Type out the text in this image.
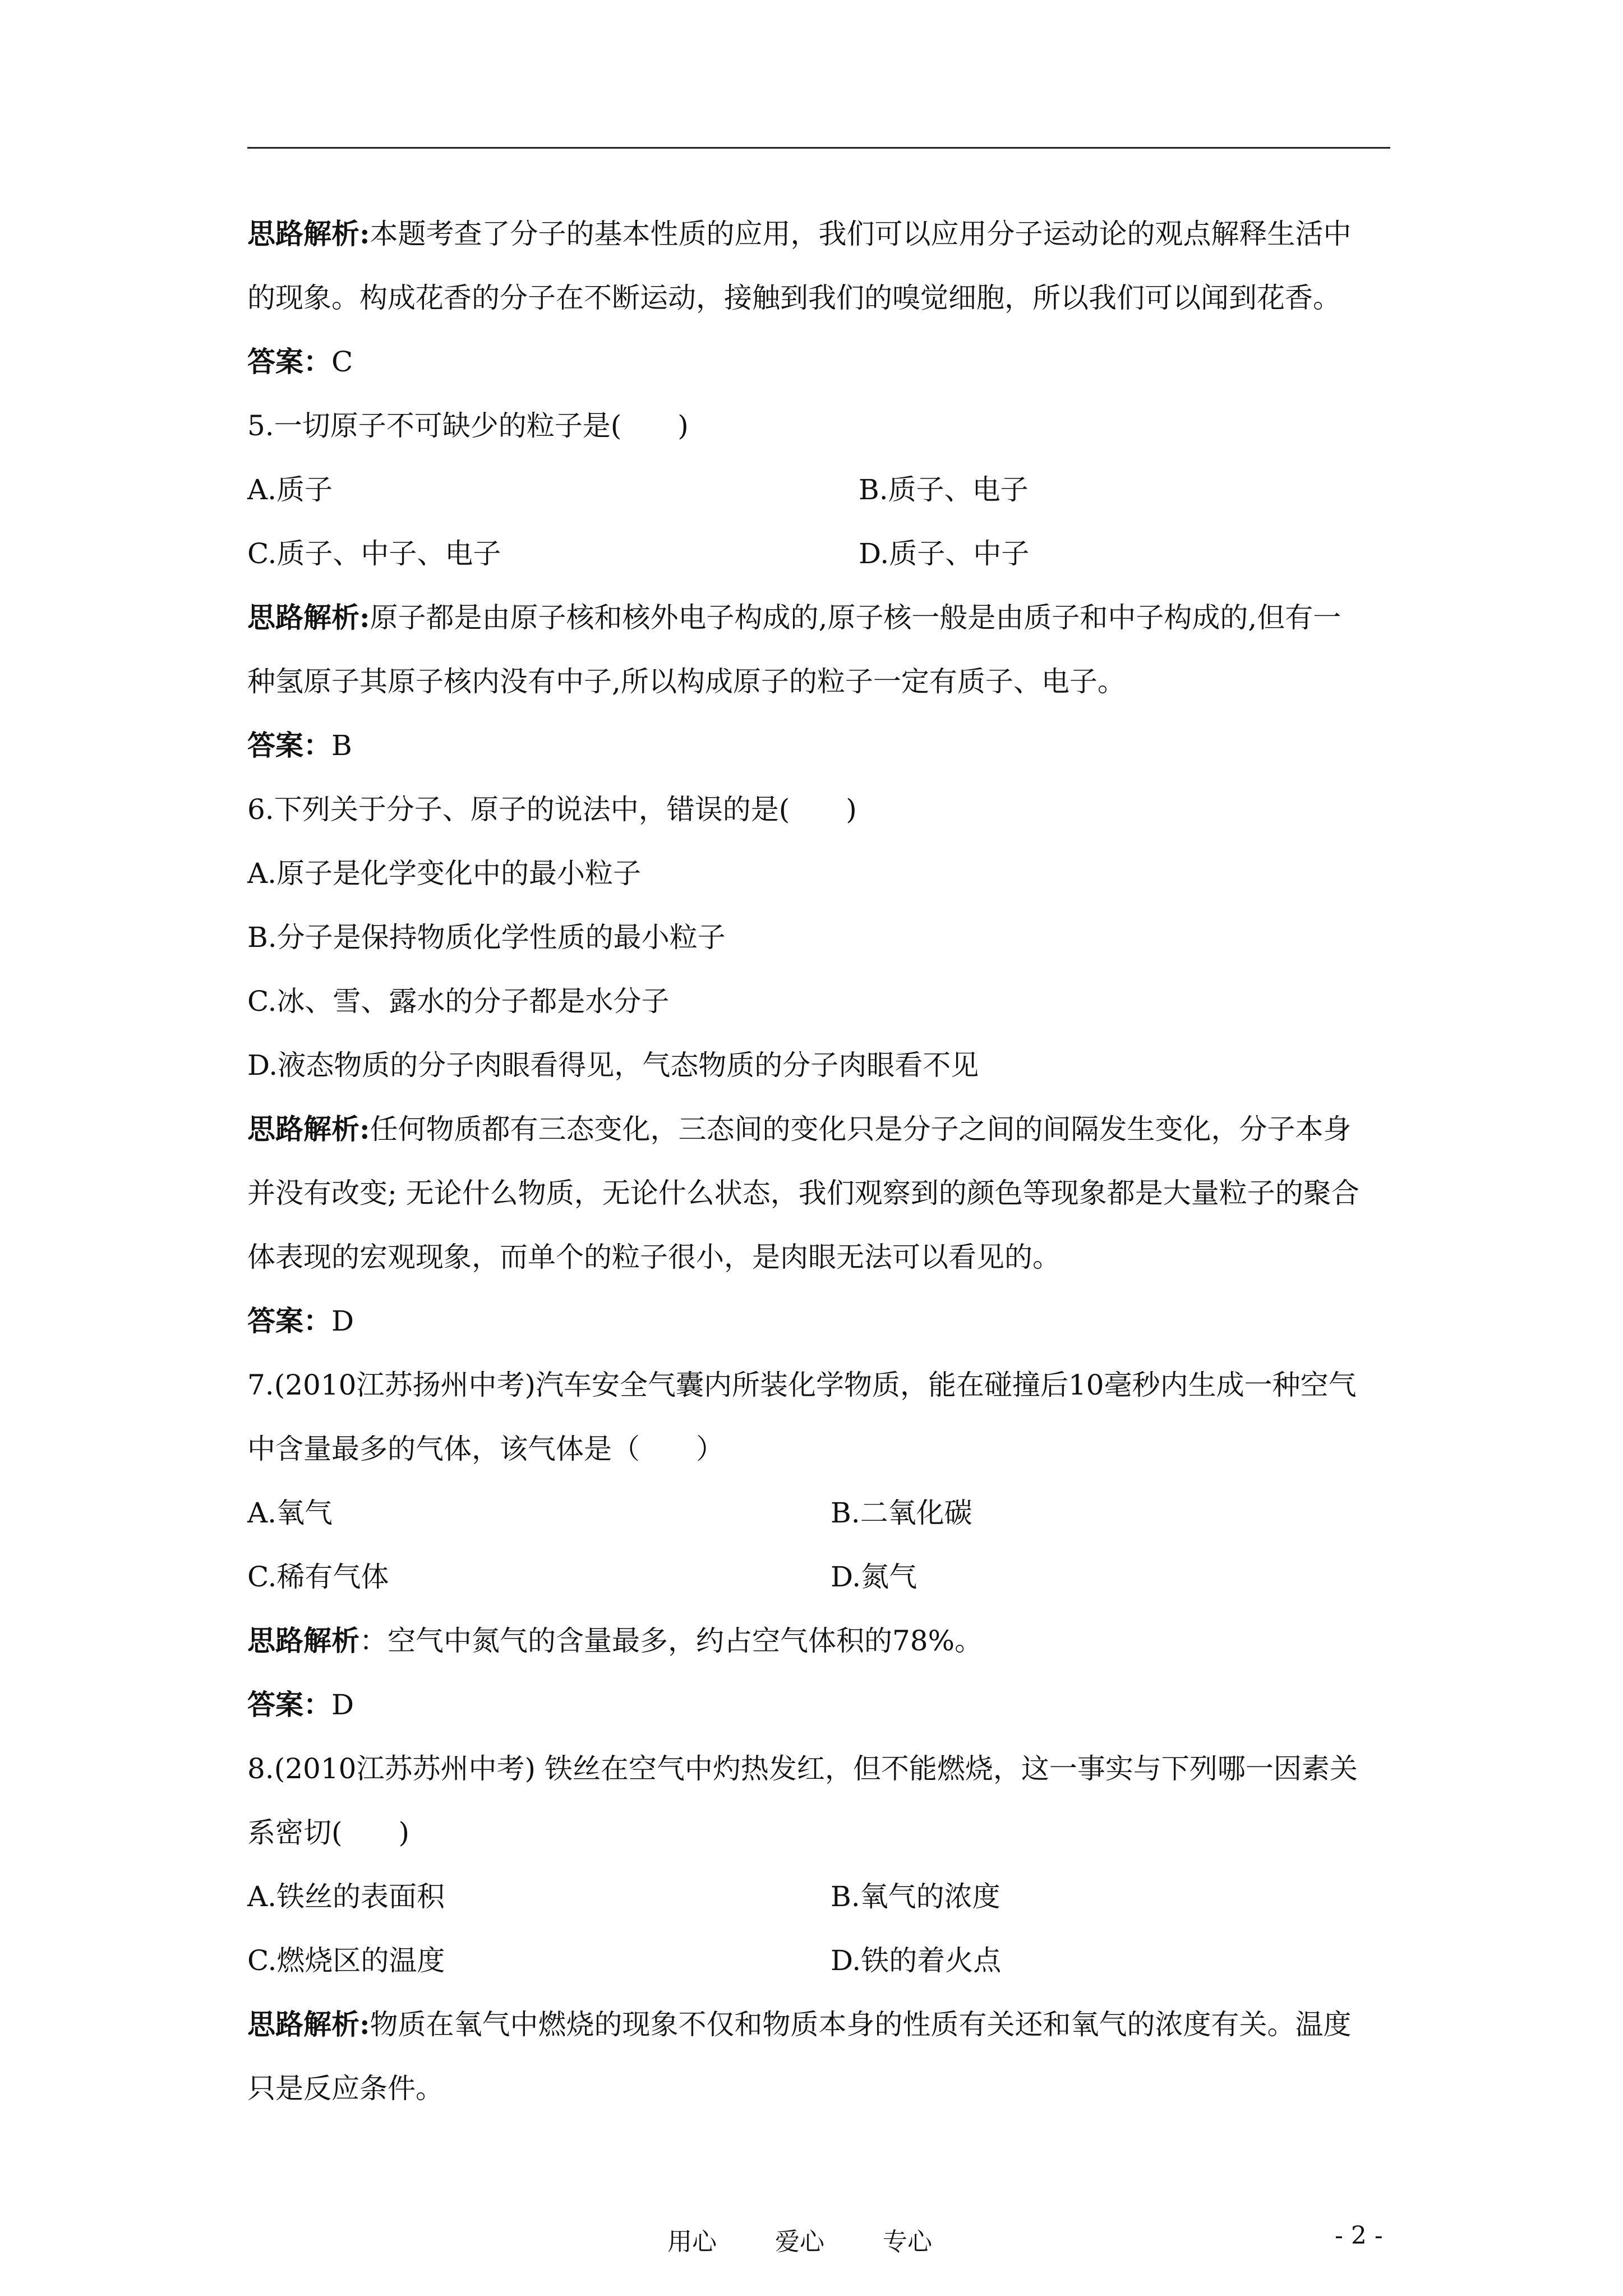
思路解析:本题考查了分子的基本性质的应用，我们可以应用分子运动论的观点解释生活中
的现象。构成花香的分子在不断运动，接触到我们的嗅觉细胞，所以我们可以闻到花香。
答案：C
5.一切原子不可缺少的粒子是(　　)
A.质子	B.质子、电子
C.质子、中子、电子	D.质子、中子
思路解析:原子都是由原子核和核外电子构成的,原子核一般是由质子和中子构成的,但有一
种氢原子其原子核内没有中子,所以构成原子的粒子一定有质子、电子。
答案：B
6.下列关于分子、原子的说法中，错误的是(　　)
A.原子是化学变化中的最小粒子
B.分子是保持物质化学性质的最小粒子
C.冰、雪、露水的分子都是水分子
D.液态物质的分子肉眼看得见，气态物质的分子肉眼看不见
思路解析:任何物质都有三态变化，三态间的变化只是分子之间的间隔发生变化，分子本身
并没有改变; 无论什么物质，无论什么状态，我们观察到的颜色等现象都是大量粒子的聚合
体表现的宏观现象，而单个的粒子很小，是肉眼无法可以看见的。
答案：D
7.(2010江苏扬州中考)汽车安全气囊内所装化学物质，能在碰撞后10毫秒内生成一种空气
中含量最多的气体，该气体是（　　）
A.氧气	B.二氧化碳
C.稀有气体	D.氮气
思路解析：空气中氮气的含量最多，约占空气体积的78%。
答案：D
8.(2010江苏苏州中考) 铁丝在空气中灼热发红，但不能燃烧，这一事实与下列哪一因素关
系密切(　　)
A.铁丝的表面积	B.氧气的浓度
C.燃烧区的温度	D.铁的着火点
思路解析:物质在氧气中燃烧的现象不仅和物质本身的性质有关还和氧气的浓度有关。温度
只是反应条件。
用心 爱心 专心	- 2 -
